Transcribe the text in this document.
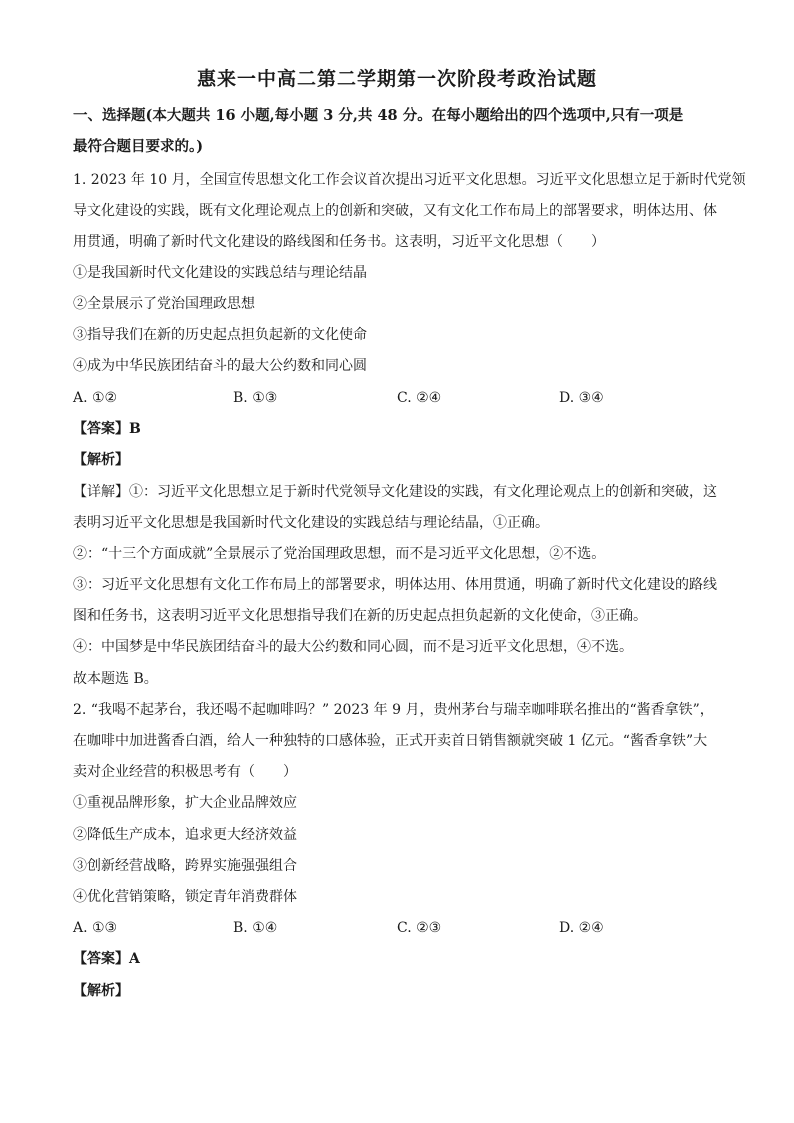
惠来一中高二第二学期第一次阶段考政治试题
一、选择题(本大题共 16 小题,每小题 3 分,共 48 分。在每小题给出的四个选项中,只有一项是
最符合题目要求的。)
1. 2023 年 10 月，全国宣传思想文化工作会议首次提出习近平文化思想。习近平文化思想立足于新时代党领
导文化建设的实践，既有文化理论观点上的创新和突破，又有文化工作布局上的部署要求，明体达用、体
用贯通，明确了新时代文化建设的路线图和任务书。这表明，习近平文化思想（　　）
①是我国新时代文化建设的实践总结与理论结晶
②全景展示了党治国理政思想
③指导我们在新的历史起点担负起新的文化使命
④成为中华民族团结奋斗的最大公约数和同心圆
A. ①②	B. ①③	C. ②④	D. ③④
【答案】B
【解析】
【详解】①：习近平文化思想立足于新时代党领导文化建设的实践，有文化理论观点上的创新和突破，这
表明习近平文化思想是我国新时代文化建设的实践总结与理论结晶，①正确。
②：“十三个方面成就”全景展示了党治国理政思想，而不是习近平文化思想，②不选。
③：习近平文化思想有文化工作布局上的部署要求，明体达用、体用贯通，明确了新时代文化建设的路线
图和任务书，这表明习近平文化思想指导我们在新的历史起点担负起新的文化使命，③正确。
④：中国梦是中华民族团结奋斗的最大公约数和同心圆，而不是习近平文化思想，④不选。
故本题选 B。
2. “我喝不起茅台，我还喝不起咖啡吗？” 2023 年 9 月，贵州茅台与瑞幸咖啡联名推出的“酱香拿铁”，
在咖啡中加进酱香白酒，给人一种独特的口感体验，正式开卖首日销售额就突破 1 亿元。“酱香拿铁”大
卖对企业经营的积极思考有（　　）
①重视品牌形象，扩大企业品牌效应
②降低生产成本，追求更大经济效益
③创新经营战略，跨界实施强强组合
④优化营销策略，锁定青年消费群体
A. ①③	B. ①④	C. ②③	D. ②④
【答案】A
【解析】
